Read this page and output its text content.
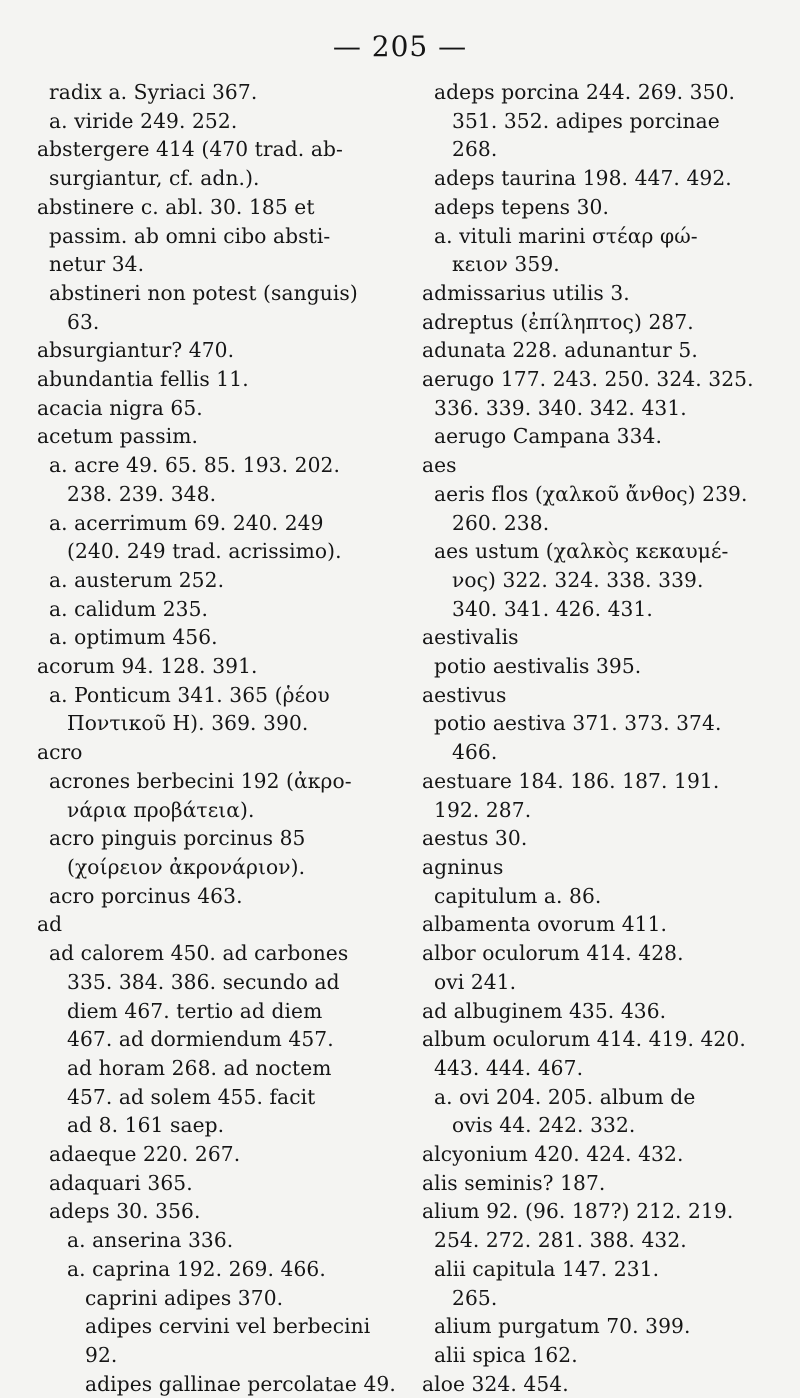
— 205 —
radix a. Syriaci 367.
a. viride 249. 252.
abstergere 414 (470 trad. ab-
surgiantur, cf. adn.).
abstinere c. abl. 30. 185 et
passim. ab omni cibo absti-
netur 34.
abstineri non potest (sanguis)
63.
absurgiantur? 470.
abundantia fellis 11.
acacia nigra 65.
acetum passim.
a. acre 49. 65. 85. 193. 202.
238. 239. 348.
a. acerrimum 69. 240. 249
(240. 249 trad. acrissimo).
a. austerum 252.
a. calidum 235.
a. optimum 456.
acorum 94. 128. 391.
a. Ponticum 341. 365 (ῥέου
Ποντικοῦ H). 369. 390.
acro
acrones berbecini 192 (ἀκρο-
νάρια προβάτεια).
acro pinguis porcinus 85
(χοίρειον ἀκρονάριον).
acro porcinus 463.
ad
ad calorem 450. ad carbones
335. 384. 386. secundo ad
diem 467. tertio ad diem
467. ad dormiendum 457.
ad horam 268. ad noctem
457. ad solem 455. facit
ad 8. 161 saep.
adaeque 220. 267.
adaquari 365.
adeps 30. 356.
a. anserina 336.
a. caprina 192. 269. 466.
caprini adipes 370.
adipes cervini vel berbecini
92.
adipes gallinae percolatae 49.
adeps porcina 244. 269. 350.
351. 352. adipes porcinae
268.
adeps taurina 198. 447. 492.
adeps tepens 30.
a. vituli marini στέαρ φώ-
κειον 359.
admissarius utilis 3.
adreptus (ἐπίληπτος) 287.
adunata 228. adunantur 5.
aerugo 177. 243. 250. 324. 325.
336. 339. 340. 342. 431.
aerugo Campana 334.
aes
aeris flos (χαλκοῦ ἄνθος) 239.
260. 238.
aes ustum (χαλκὸς κεκαυμέ-
νος) 322. 324. 338. 339.
340. 341. 426. 431.
aestivalis
potio aestivalis 395.
aestivus
potio aestiva 371. 373. 374.
466.
aestuare 184. 186. 187. 191.
192. 287.
aestus 30.
agninus
capitulum a. 86.
albamenta ovorum 411.
albor oculorum 414. 428.
ovi 241.
ad albuginem 435. 436.
album oculorum 414. 419. 420.
443. 444. 467.
a. ovi 204. 205. album de
ovis 44. 242. 332.
alcyonium 420. 424. 432.
alis seminis? 187.
alium 92. (96. 187?) 212. 219.
254. 272. 281. 388. 432.
alii capitula 147. 231.
265.
alium purgatum 70. 399.
alii spica 162.
aloe 324. 454.
